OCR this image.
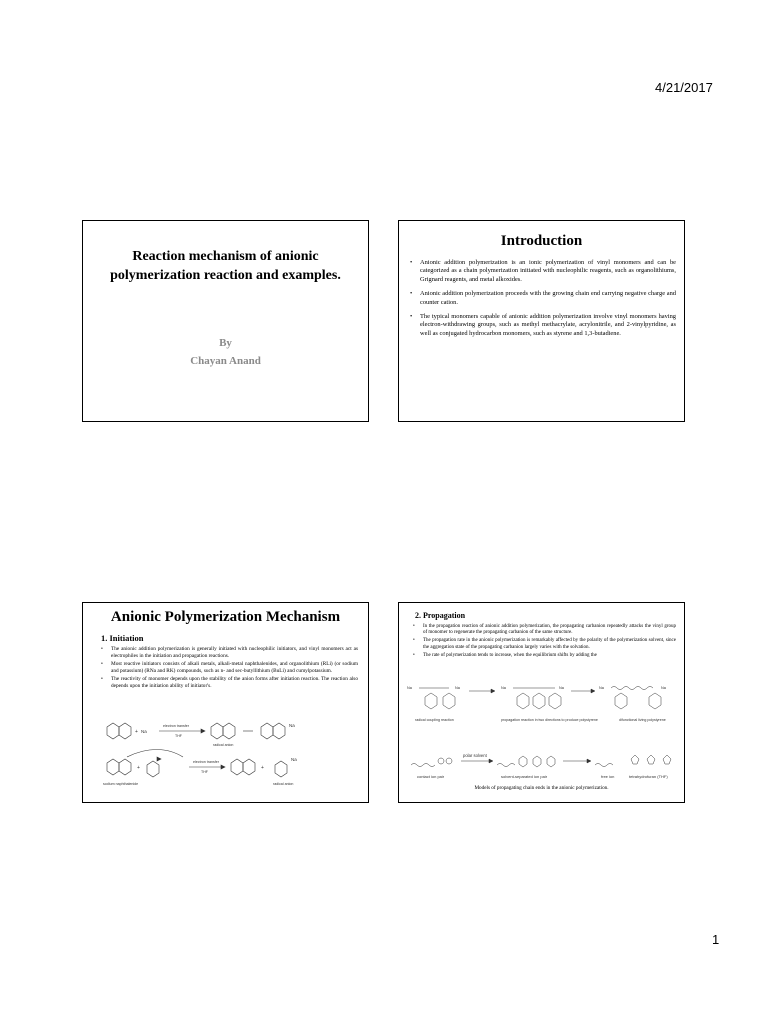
4/21/2017
Reaction mechanism of anionic polymerization reaction and examples.
By
Chayan Anand
Introduction
• Anionic addition polymerization is an ionic polymerization of vinyl monomers and can be categorized as a chain polymerization initiated with nucleophilic reagents, such as organolithiums, Grignard reagents, and metal alkoxides.
• Anionic addition polymerization proceeds with the growing chain end carrying negative charge and counter cation.
• The typical monomers capable of anionic addition polymerization involve vinyl monomers having electron-withdrawing groups, such as methyl methacrylate, acrylonitrile, and 2-vinylpyridine, as well as conjugated hydrocarbon monomers, such as styrene and 1,3-butadiene.
Anionic Polymerization Mechanism
1. Initiation
• The anionic addition polymerization is generally initiated with nucleophilic initiators, and vinyl monomers act as electrophiles in the initiation and propagation reactions.
• Most reactive initiators consists of alkali metals, alkali-metal naphthalenides, and organolithium (RLi) (or sodium and potassium) (RNa and RK) compounds, such as n- and sec-butyllithium (BuLi) and cumylpotassium.
• The reactivity of monomer depends upon the stability of the anion forms after initiation reaction. The reaction also depends upon the initiation ability of initiator's.
+ Na
electron transfer
THF
radical anion
Na
sodium naphthalenide
+
electron transfer
THF
+
Na
radical anion
2. Propagation
• In the propagation reaction of anionic addition polymerization, the propagating carbanion repeatedly attacks the vinyl group of monomer to regenerate the propagating carbanion of the same structure.
• The propagation rate in the anionic polymerization is remarkably affected by the polarity of the polymerization solvent, since the aggregation state of the propagating carbanion largely varies with the solvation.
• The rate of polymerization tends to increase, when the equilibrium shifts by adding the
Na	Na
radical coupling reaction
Na	Na
propagation reaction in two directions to produce polystyrene
Na	Na
difunctional living polystyrene
contact ion pair
polar solvent
solvent-separated ion pair	free ion	tetrahydrofuran (THF)
Models of propagating chain ends in the anionic polymerization.
1
